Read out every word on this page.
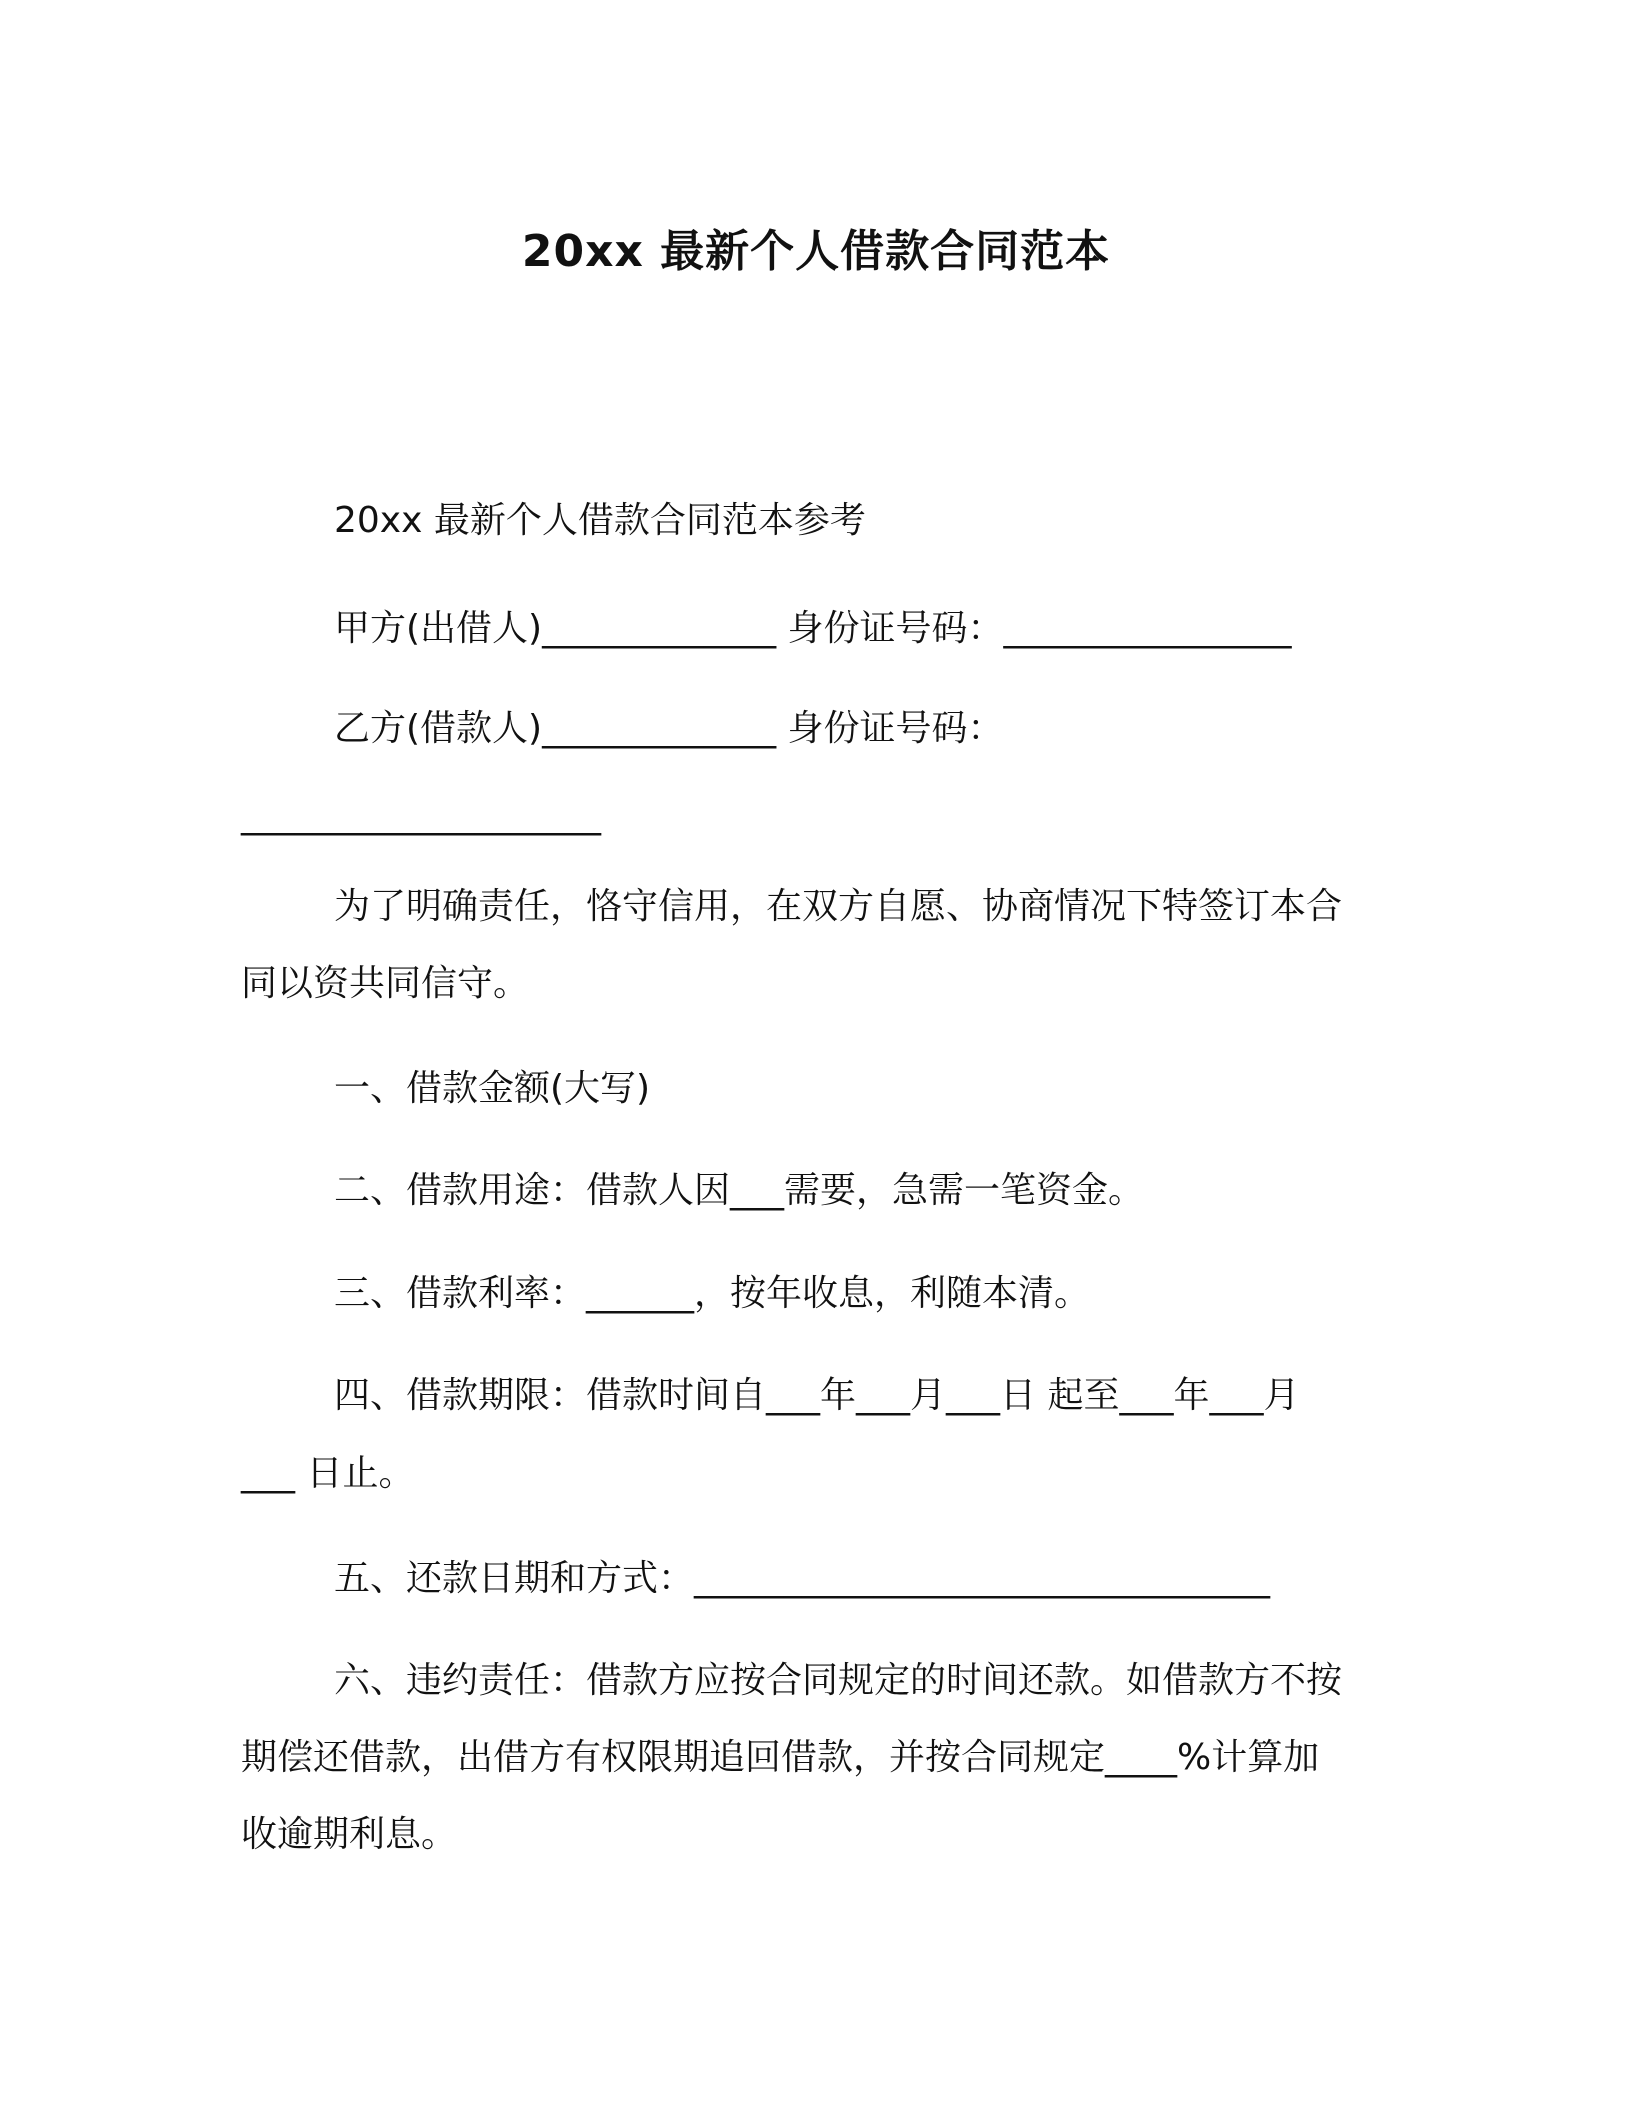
20xx 最新个人借款合同范本

20xx 最新个人借款合同范本参考

甲方(出借人)_____________ 身份证号码：________________

乙方(借款人)_____________ 身份证号码：

____________________

为了明确责任，恪守信用，在双方自愿、协商情况下特签订本合

同以资共同信守。

一、借款金额(大写)

二、借款用途：借款人因___需要，急需一笔资金。

三、借款利率：______，按年收息，利随本清。

四、借款期限：借款时间自___年___月___日 起至___年___月

___ 日止。

五、还款日期和方式：________________________________

六、违约责任：借款方应按合同规定的时间还款。如借款方不按

期偿还借款，出借方有权限期追回借款，并按合同规定____%计算加

收逾期利息。
